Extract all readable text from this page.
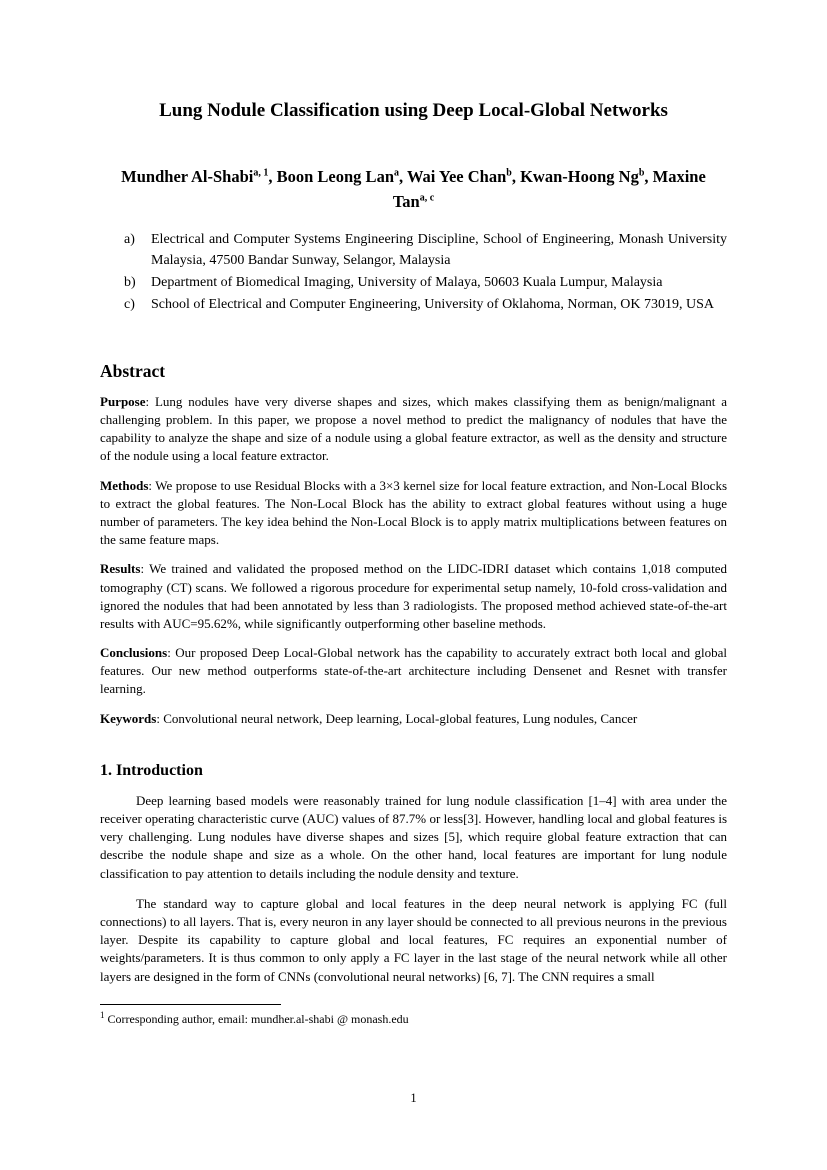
Lung Nodule Classification using Deep Local-Global Networks
Mundher Al-Shabi$^{a, 1}$, Boon Leong Lan$^a$, Wai Yee Chan$^b$, Kwan-Hoong Ng$^b$, Maxine Tan$^{a, c}$
a)	Electrical and Computer Systems Engineering Discipline, School of Engineering, Monash University Malaysia, 47500 Bandar Sunway, Selangor, Malaysia
b)	Department of Biomedical Imaging, University of Malaya, 50603 Kuala Lumpur, Malaysia
c)	School of Electrical and Computer Engineering, University of Oklahoma, Norman, OK 73019, USA
Abstract

Purpose: Lung nodules have very diverse shapes and sizes, which makes classifying them as benign/malignant a challenging problem. In this paper, we propose a novel method to predict the malignancy of nodules that have the capability to analyze the shape and size of a nodule using a global feature extractor, as well as the density and structure of the nodule using a local feature extractor.

Methods: We propose to use Residual Blocks with a 3×3 kernel size for local feature extraction, and Non-Local Blocks to extract the global features. The Non-Local Block has the ability to extract global features without using a huge number of parameters. The key idea behind the Non-Local Block is to apply matrix multiplications between features on the same feature maps.

Results: We trained and validated the proposed method on the LIDC-IDRI dataset which contains 1,018 computed tomography (CT) scans. We followed a rigorous procedure for experimental setup namely, 10-fold cross-validation and ignored the nodules that had been annotated by less than 3 radiologists. The proposed method achieved state-of-the-art results with AUC=95.62%, while significantly outperforming other baseline methods.

Conclusions: Our proposed Deep Local-Global network has the capability to accurately extract both local and global features. Our new method outperforms state-of-the-art architecture including Densenet and Resnet with transfer learning.

Keywords: Convolutional neural network, Deep learning, Local-global features, Lung nodules, Cancer

1. Introduction

Deep learning based models were reasonably trained for lung nodule classification [1–4] with area under the receiver operating characteristic curve (AUC) values of 87.7% or less[3]. However, handling local and global features is very challenging. Lung nodules have diverse shapes and sizes [5], which require global feature extraction that can describe the nodule shape and size as a whole. On the other hand, local features are important for lung nodule classification to pay attention to details including the nodule density and texture.

The standard way to capture global and local features in the deep neural network is applying FC (full connections) to all layers. That is, every neuron in any layer should be connected to all previous neurons in the previous layer. Despite its capability to capture global and local features, FC requires an exponential number of weights/parameters. It is thus common to only apply a FC layer in the last stage of the neural network while all other layers are designed in the form of CNNs (convolutional neural networks) [6, 7]. The CNN requires a small

$^1$ Corresponding author, email: mundher.al-shabi @ monash.edu
1
